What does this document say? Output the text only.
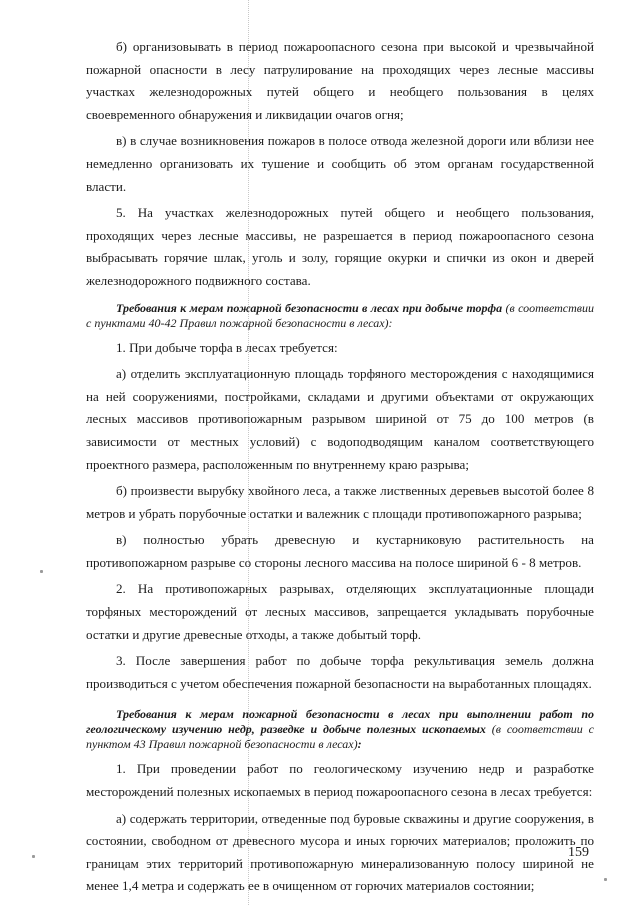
б) организовывать в период пожароопасного сезона при высокой и чрезвычайной пожарной опасности в лесу патрулирование на проходящих через лесные массивы участках железнодорожных путей общего и необщего пользования в целях своевременного обнаружения и ликвидации очагов огня;

в) в случае возникновения пожаров в полосе отвода железной дороги или вблизи нее немедленно организовать их тушение и сообщить об этом органам государственной власти.

5. На участках железнодорожных путей общего и необщего пользования, проходящих через лесные массивы, не разрешается в период пожароопасного сезона выбрасывать горячие шлак, уголь и золу, горящие окурки и спички из окон и дверей железнодорожного подвижного состава.

Требования к мерам пожарной безопасности в лесах при добыче торфа (в соответствии с пунктами 40-42 Правил пожарной безопасности в лесах):

1. При добыче торфа в лесах требуется:

а) отделить эксплуатационную площадь торфяного месторождения с находящимися на ней сооружениями, постройками, складами и другими объектами от окружающих лесных массивов противопожарным разрывом шириной от 75 до 100 метров (в зависимости от местных условий) с водоподводящим каналом соответствующего проектного размера, расположенным по внутреннему краю разрыва;

б) произвести вырубку хвойного леса, а также лиственных деревьев высотой более 8 метров и убрать порубочные остатки и валежник с площади противопожарного разрыва;

в) полностью убрать древесную и кустарниковую растительность на противопожарном разрыве со стороны лесного массива на полосе шириной 6 - 8 метров.

2. На противопожарных разрывах, отделяющих эксплуатационные площади торфяных месторождений от лесных массивов, запрещается укладывать порубочные остатки и другие древесные отходы, а также добытый торф.

3. После завершения работ по добыче торфа рекультивация земель должна производиться с учетом обеспечения пожарной безопасности на выработанных площадях.

Требования к мерам пожарной безопасности в лесах при выполнении работ по геологическому изучению недр, разведке и добыче полезных ископаемых (в соответствии с пунктом 43 Правил пожарной безопасности в лесах):

1. При проведении работ по геологическому изучению недр и разработке месторождений полезных ископаемых в период пожароопасного сезона в лесах требуется:

а) содержать территории, отведенные под буровые скважины и другие сооружения, в состоянии, свободном от древесного мусора и иных горючих материалов; проложить по границам этих территорий противопожарную минерализованную полосу шириной не менее 1,4 метра и содержать ее в очищенном от горючих материалов состоянии;

159
